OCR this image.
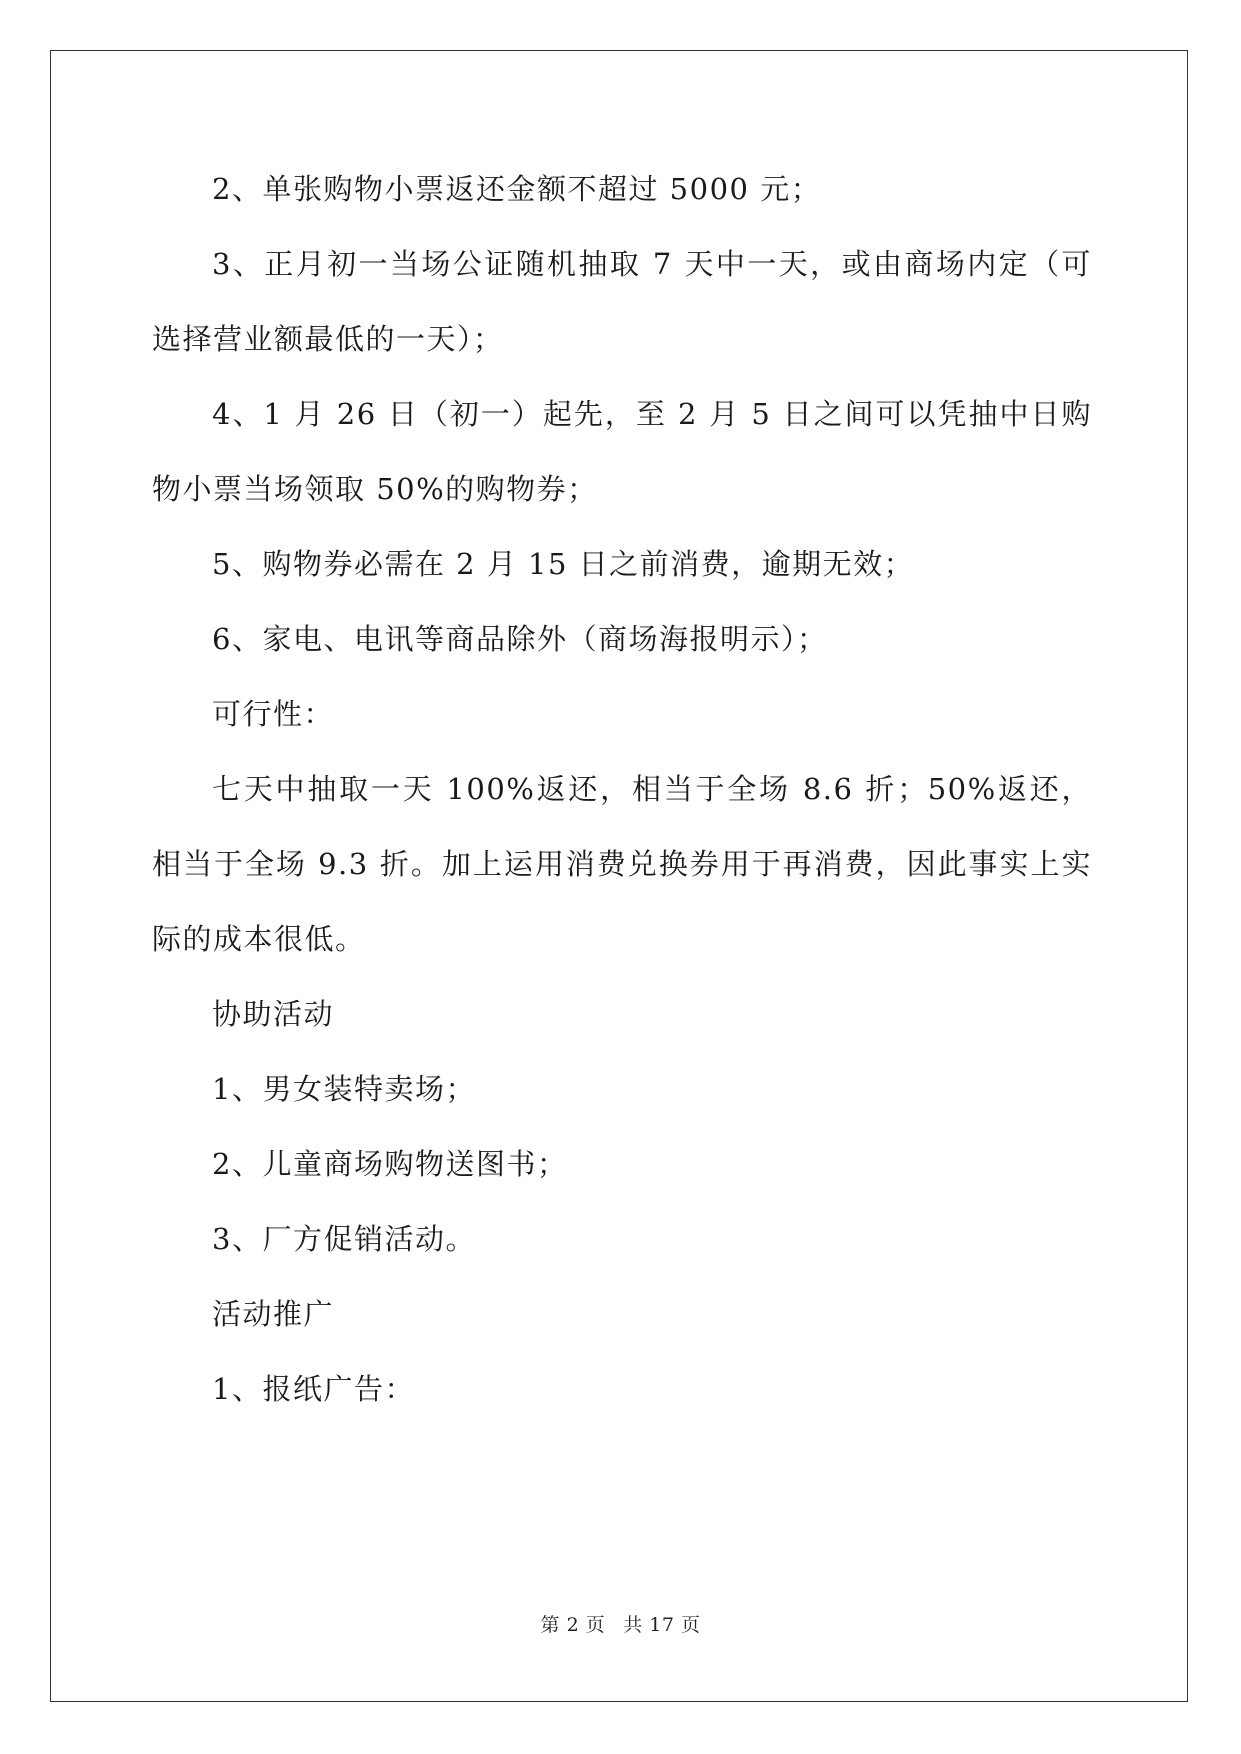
2、单张购物小票返还金额不超过 5000 元；

3、正月初一当场公证随机抽取 7 天中一天，或由商场内定（可选择营业额最低的一天）；

4、1 月 26 日（初一）起先，至 2 月 5 日之间可以凭抽中日购物小票当场领取 50%的购物券；

5、购物券必需在 2 月 15 日之前消费，逾期无效；

6、家电、电讯等商品除外（商场海报明示）；

可行性：

七天中抽取一天 100%返还，相当于全场 8.6 折；50%返还，相当于全场 9.3 折。加上运用消费兑换券用于再消费，因此事实上实际的成本很低。

协助活动

1、男女装特卖场；

2、儿童商场购物送图书；

3、厂方促销活动。

活动推广

1、报纸广告：

第 2 页 共 17 页
